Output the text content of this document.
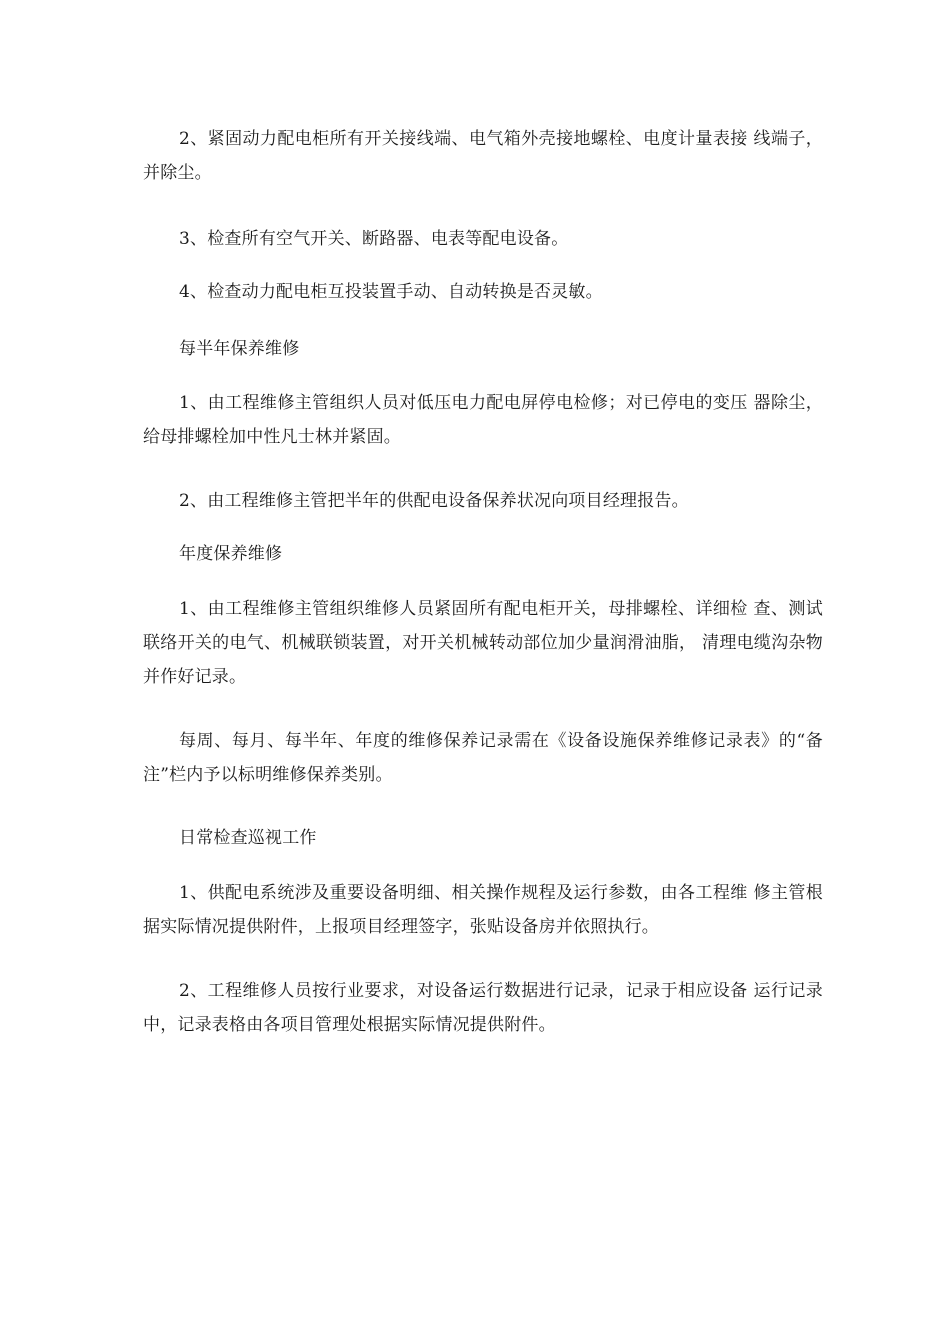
2、紧固动力配电柜所有开关接线端、电气箱外壳接地螺栓、电度计量表接 线端子，并除尘。

3、检查所有空气开关、断路器、电表等配电设备。

4、检查动力配电柜互投装置手动、自动转换是否灵敏。

每半年保养维修

1、由工程维修主管组织人员对低压电力配电屏停电检修；对已停电的变压 器除尘，给母排螺栓加中性凡士林并紧固。

2、由工程维修主管把半年的供配电设备保养状况向项目经理报告。

年度保养维修

1、由工程维修主管组织维修人员紧固所有配电柜开关，母排螺栓、详细检 查、测试联络开关的电气、机械联锁装置，对开关机械转动部位加少量润滑油脂， 清理电缆沟杂物并作好记录。

每周、每月、每半年、年度的维修保养记录需在《设备设施保养维修记录表》的“备注”栏内予以标明维修保养类别。

日常检查巡视工作

1、供配电系统涉及重要设备明细、相关操作规程及运行参数，由各工程维 修主管根据实际情况提供附件，上报项目经理签字，张贴设备房并依照执行。

2、工程维修人员按行业要求，对设备运行数据进行记录，记录于相应设备 运行记录中，记录表格由各项目管理处根据实际情况提供附件。
